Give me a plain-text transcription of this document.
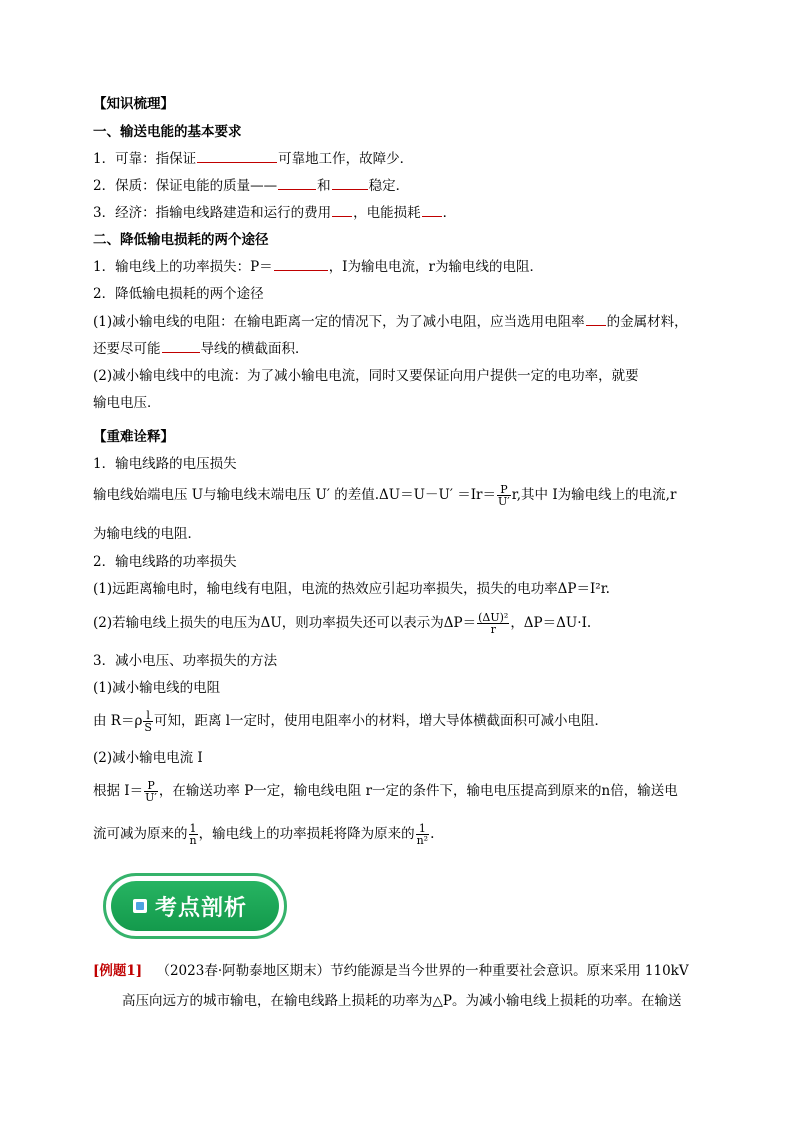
【知识梳理】
一、输送电能的基本要求
1．可靠：指保证	可靠地工作，故障少．
2．保质：保证电能的质量——	和	稳定．
3．经济：指输电线路建造和运行的费用 ，电能损耗 ．
二、降低输电损耗的两个途径
1．输电线上的功率损失：P＝	，I为输电电流，r为输电线的电阻．
2．降低输电损耗的两个途径
(1)减小输电线的电阻：在输电距离一定的情况下，为了减小电阻，应当选用电阻率 的金属材料，
还要尽可能	导线的横截面积．
(2)减小输电线中的电流：为了减小输电电流，同时又要保证向用户提供一定的电功率，就要
输电电压．
【重难诠释】
1．输电线路的电压损失
输电线始端电压 U与输电线末端电压 U′ 的差值$.\Delta U=U-U' =Ir= \frac{P}{U'} r$,其中 I为输电线上的电流,r
为输电线的电阻．
2．输电线路的功率损失
(1)远距离输电时，输电线有电阻，电流的热效应引起功率损失，损失的电功率ΔP＝I²r.
(2)若输电线上损失的电压为ΔU，则功率损失还可以表示为$\Delta P= \frac{\text{(ΔU)²}}{r}$ ，ΔP＝ΔU·I.
3．减小电压、功率损失的方法
(1)减小输电线的电阻
由 $R=\rho \frac{l}{S}$ 可知，距离 l一定时，使用电阻率小的材料，增大导体横截面积可减小电阻．
(2)减小输电电流 I
根据 $I= \frac{P}{U'}$ ，在输送功率 P一定，输电线电阻 r一定的条件下，输电电压提高到原来的n倍，输送电
流可减为原来的 $\frac{1}{n}$ ，输电线上的功率损耗将降为原来的 $\frac{1}{\text{n²}}$ .
考点剖析
[例题1] （2023春·阿勒泰地区期末）节约能源是当今世界的一种重要社会意识。原来采用 110kV
高压向远方的城市输电，在输电线路上损耗的功率为△P。为减小输电线上损耗的功率。在输送
